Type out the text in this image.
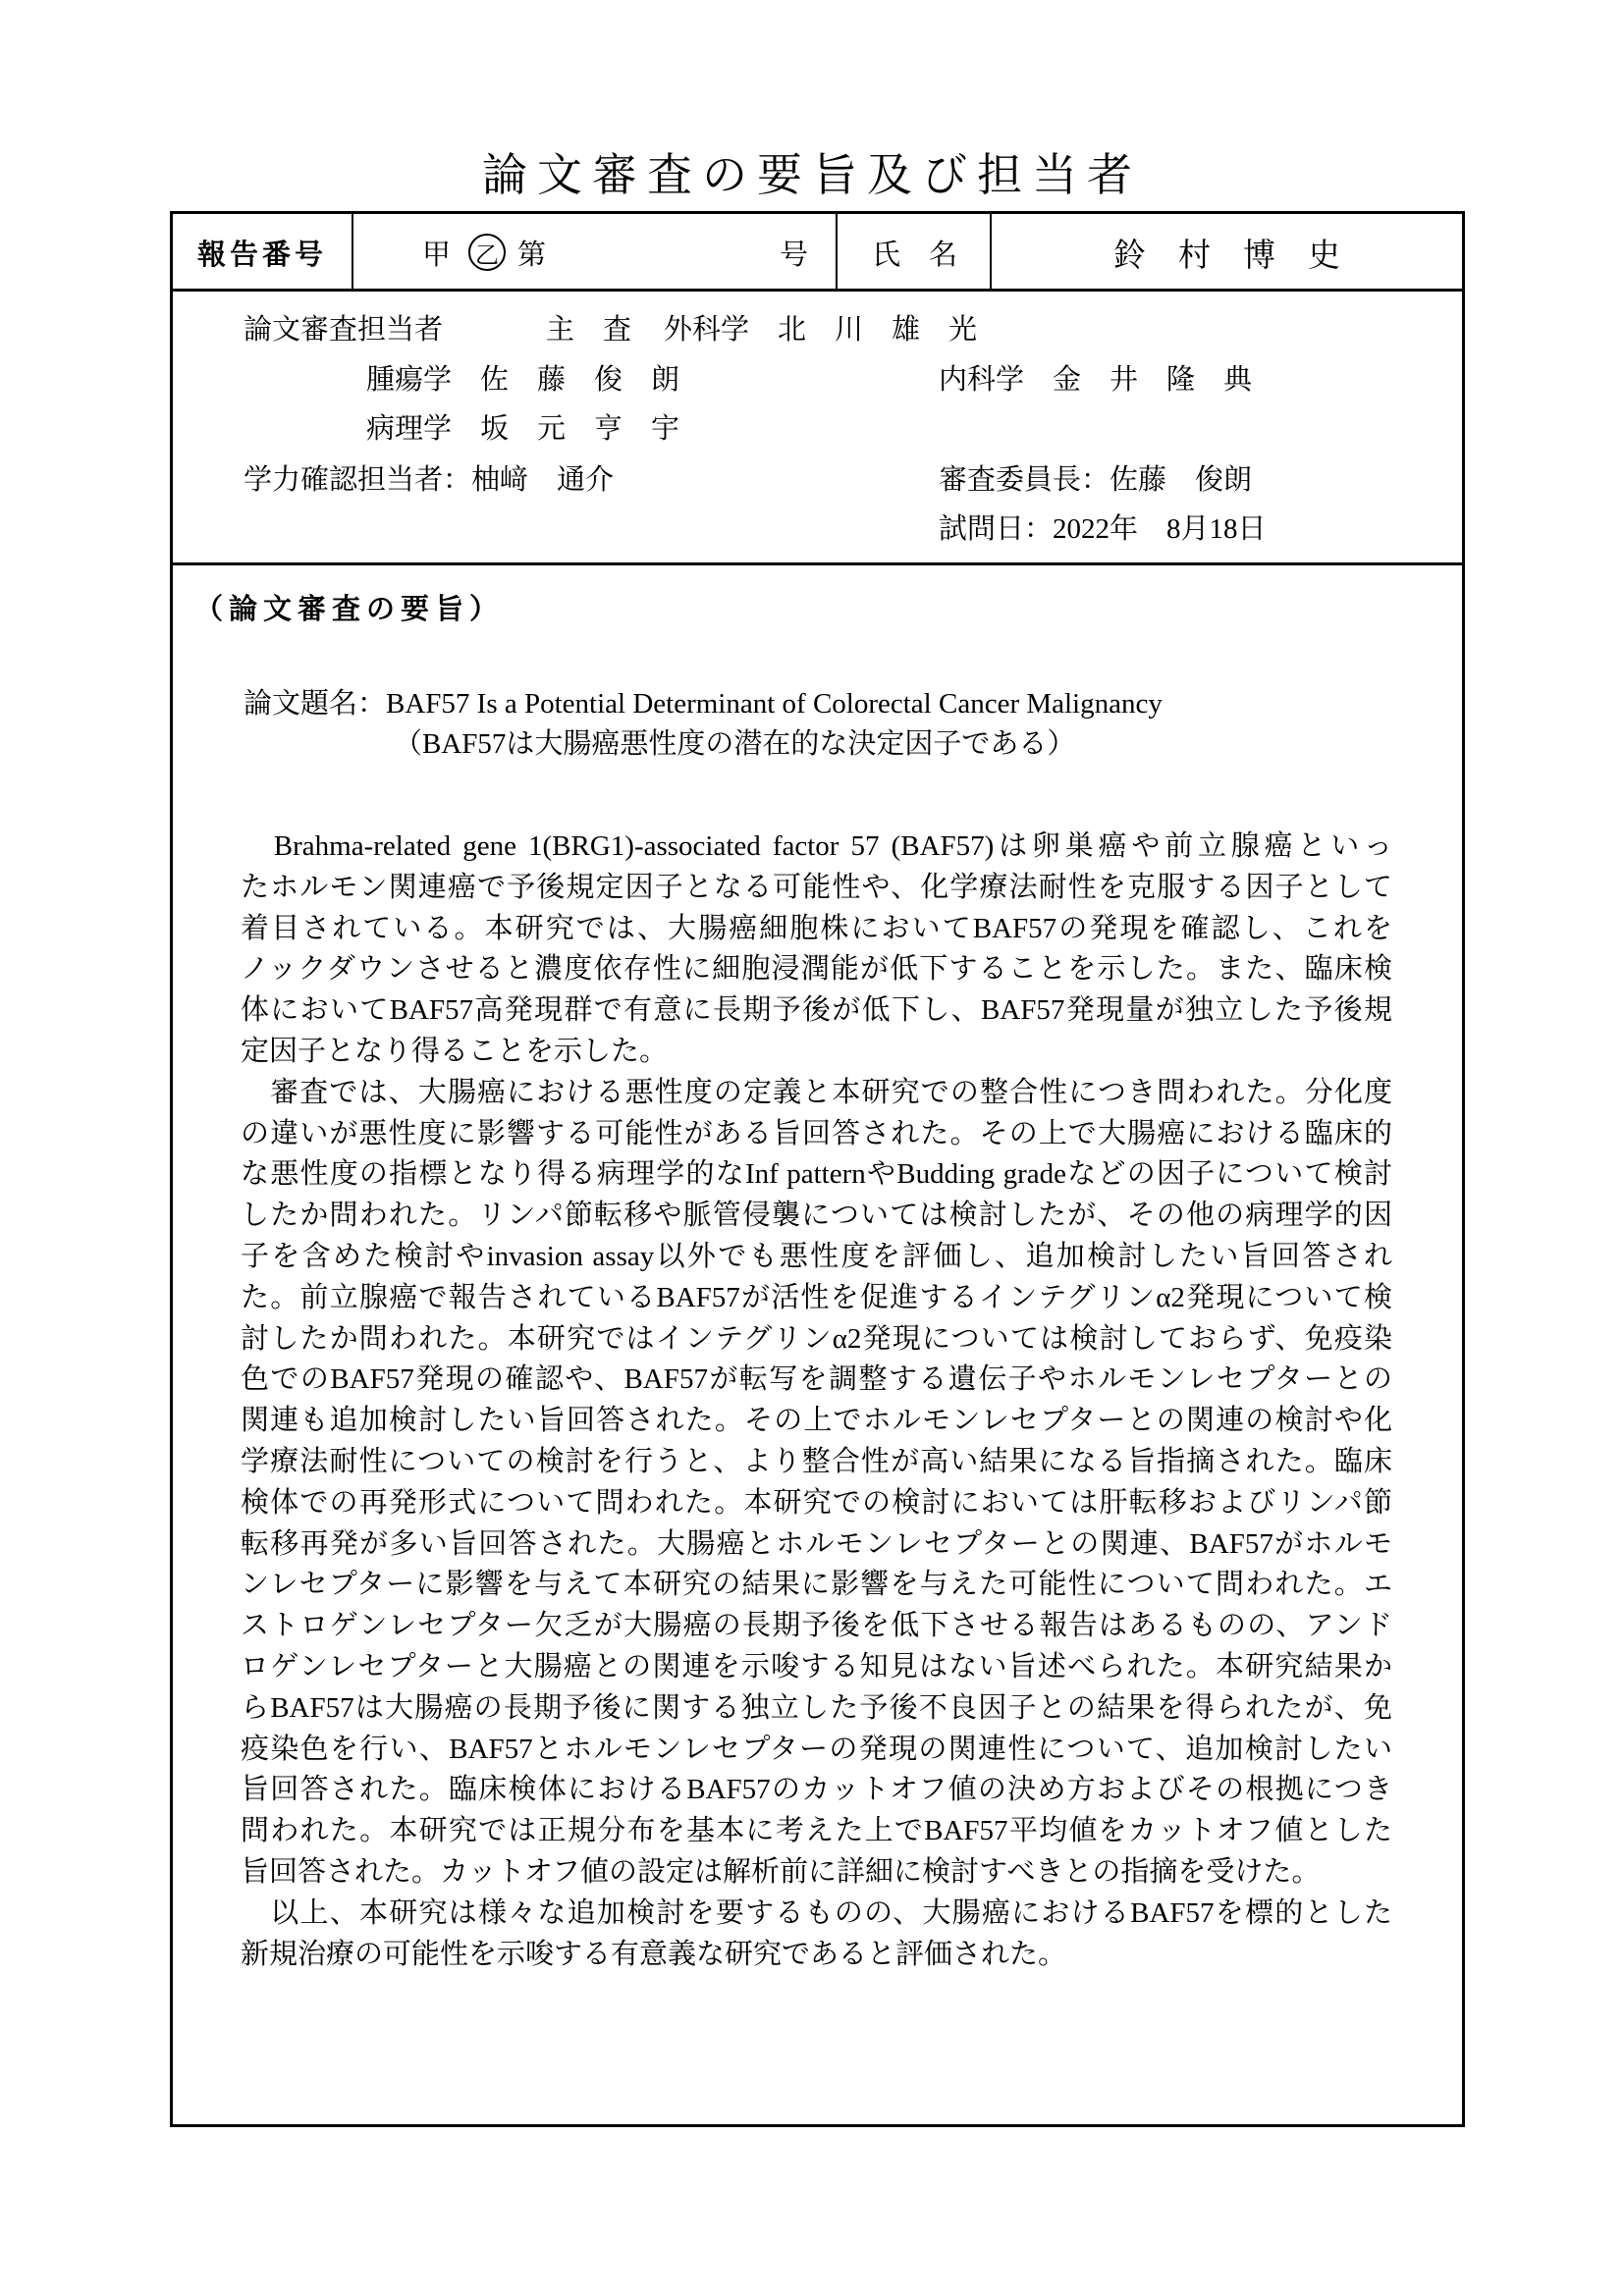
論文審査の要旨及び担当者
報告番号	甲 乙 第	号	氏　名	鈴　村　博　史
論文審査担当者	主　査 外科学　北　川　雄　光
腫瘍学　佐　藤　俊　朗	内科学　金　井　隆　典
病理学　坂　元　亨　宇
学力確認担当者：柚﨑　通介	審査委員長：佐藤　俊朗
試問日：2022年　8月18日
（論文審査の要旨）
論文題名：BAF57 Is a Potential Determinant of Colorectal Cancer Malignancy
（BAF57は大腸癌悪性度の潜在的な決定因子である）
　Brahma-related gene 1(BRG1)-associated factor 57 (BAF57)は卵巣癌や前立腺癌といっ
たホルモン関連癌で予後規定因子となる可能性や、化学療法耐性を克服する因子として
着目されている。本研究では、大腸癌細胞株においてBAF57の発現を確認し、これを
ノックダウンさせると濃度依存性に細胞浸潤能が低下することを示した。また、臨床検
体においてBAF57高発現群で有意に長期予後が低下し、BAF57発現量が独立した予後規
定因子となり得ることを示した。
　審査では、大腸癌における悪性度の定義と本研究での整合性につき問われた。分化度
の違いが悪性度に影響する可能性がある旨回答された。その上で大腸癌における臨床的
な悪性度の指標となり得る病理学的なInf patternやBudding gradeなどの因子について検討
したか問われた。リンパ節転移や脈管侵襲については検討したが、その他の病理学的因
子を含めた検討やinvasion assay以外でも悪性度を評価し、追加検討したい旨回答され
た。前立腺癌で報告されているBAF57が活性を促進するインテグリンα2発現について検
討したか問われた。本研究ではインテグリンα2発現については検討しておらず、免疫染
色でのBAF57発現の確認や、BAF57が転写を調整する遺伝子やホルモンレセプターとの
関連も追加検討したい旨回答された。その上でホルモンレセプターとの関連の検討や化
学療法耐性についての検討を行うと、より整合性が高い結果になる旨指摘された。臨床
検体での再発形式について問われた。本研究での検討においては肝転移およびリンパ節
転移再発が多い旨回答された。大腸癌とホルモンレセプターとの関連、BAF57がホルモ
ンレセプターに影響を与えて本研究の結果に影響を与えた可能性について問われた。エ
ストロゲンレセプター欠乏が大腸癌の長期予後を低下させる報告はあるものの、アンド
ロゲンレセプターと大腸癌との関連を示唆する知見はない旨述べられた。本研究結果か
らBAF57は大腸癌の長期予後に関する独立した予後不良因子との結果を得られたが、免
疫染色を行い、BAF57とホルモンレセプターの発現の関連性について、追加検討したい
旨回答された。臨床検体におけるBAF57のカットオフ値の決め方およびその根拠につき
問われた。本研究では正規分布を基本に考えた上でBAF57平均値をカットオフ値とした
旨回答された。カットオフ値の設定は解析前に詳細に検討すべきとの指摘を受けた。
　以上、本研究は様々な追加検討を要するものの、大腸癌におけるBAF57を標的とした
新規治療の可能性を示唆する有意義な研究であると評価された。
